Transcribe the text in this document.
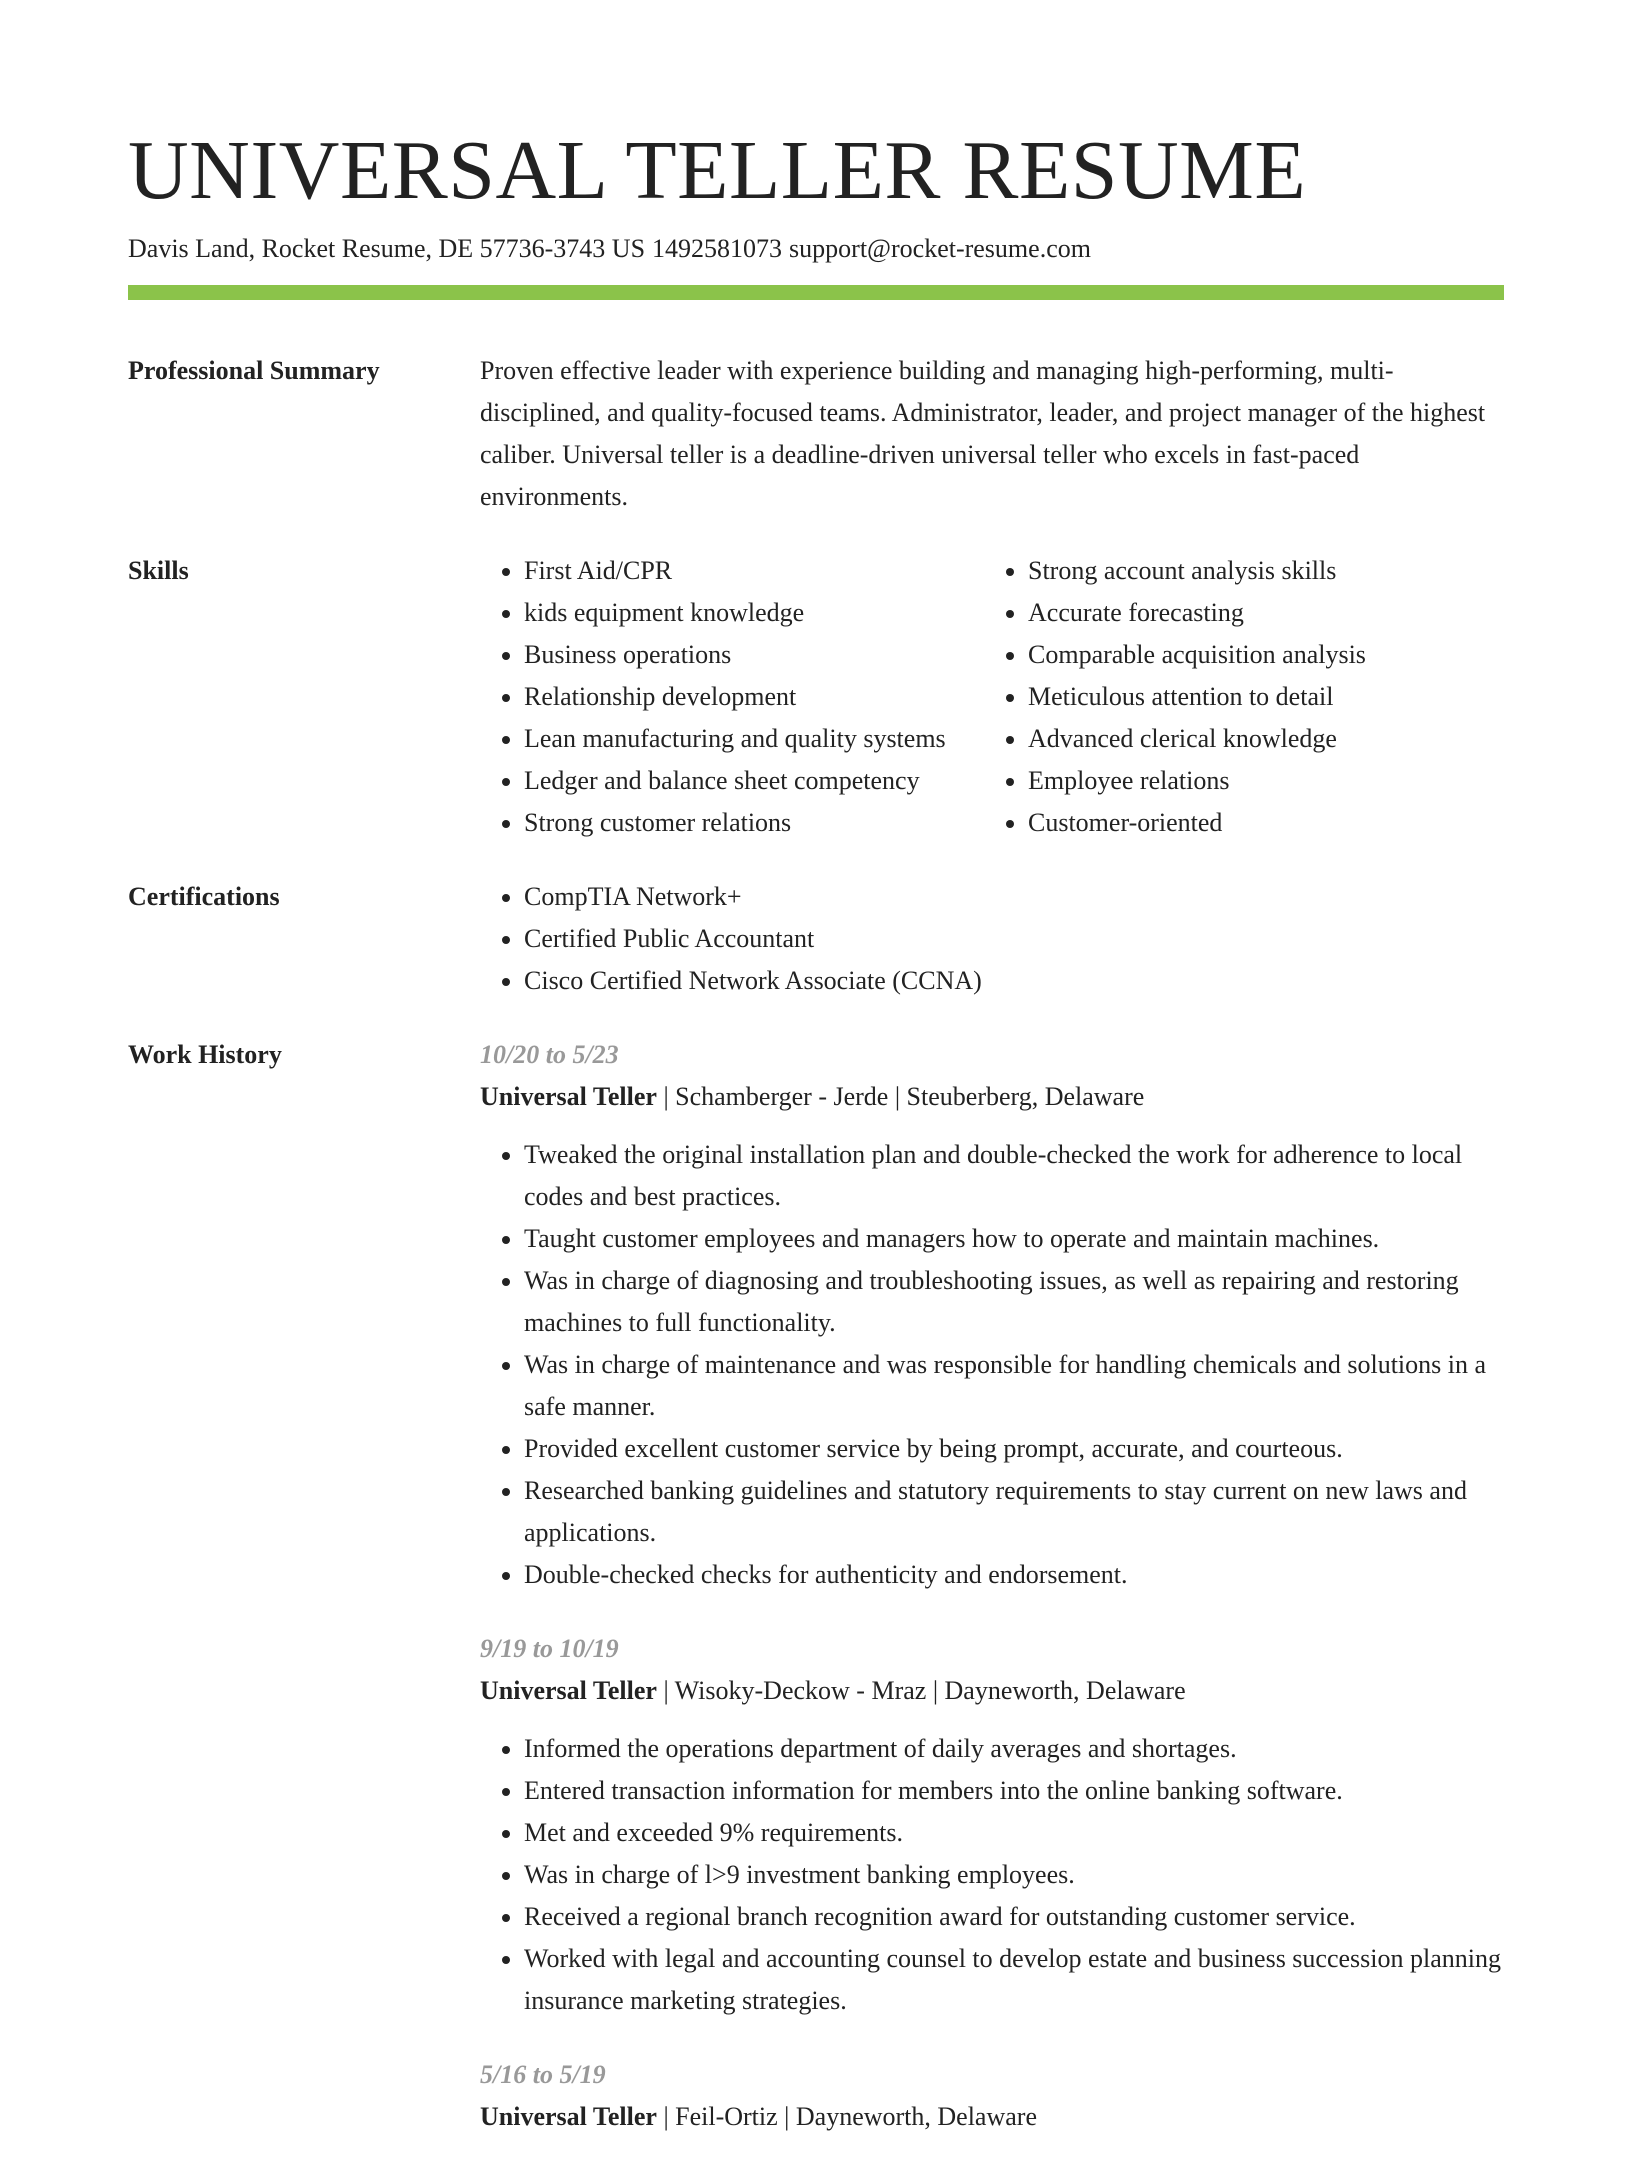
UNIVERSAL TELLER RESUME
Davis Land, Rocket Resume, DE 57736-3743 US 1492581073 support@rocket-resume.com
Professional Summary	Proven effective leader with experience building and managing high-performing, multi-disciplined, and quality-focused teams. Administrator, leader, and project manager of the highest caliber. Universal teller is a deadline-driven universal teller who excels in fast-paced environments.
Skills	• First Aid/CPR
• kids equipment knowledge
• Business operations
• Relationship development
• Lean manufacturing and quality systems
• Ledger and balance sheet competency
• Strong customer relations
• Strong account analysis skills
• Accurate forecasting
• Comparable acquisition analysis
• Meticulous attention to detail
• Advanced clerical knowledge
• Employee relations
• Customer-oriented
Certifications	• CompTIA Network+
• Certified Public Accountant
• Cisco Certified Network Associate (CCNA)
Work History	10/20 to 5/23
Universal Teller | Schamberger - Jerde | Steuberberg, Delaware
• Tweaked the original installation plan and double-checked the work for adherence to local codes and best practices.
• Taught customer employees and managers how to operate and maintain machines.
• Was in charge of diagnosing and troubleshooting issues, as well as repairing and restoring machines to full functionality.
• Was in charge of maintenance and was responsible for handling chemicals and solutions in a safe manner.
• Provided excellent customer service by being prompt, accurate, and courteous.
• Researched banking guidelines and statutory requirements to stay current on new laws and applications.
• Double-checked checks for authenticity and endorsement.
9/19 to 10/19
Universal Teller | Wisoky-Deckow - Mraz | Dayneworth, Delaware
• Informed the operations department of daily averages and shortages.
• Entered transaction information for members into the online banking software.
• Met and exceeded 9% requirements.
• Was in charge of l>9 investment banking employees.
• Received a regional branch recognition award for outstanding customer service.
• Worked with legal and accounting counsel to develop estate and business succession planning insurance marketing strategies.
5/16 to 5/19
Universal Teller | Feil-Ortiz | Dayneworth, Delaware
